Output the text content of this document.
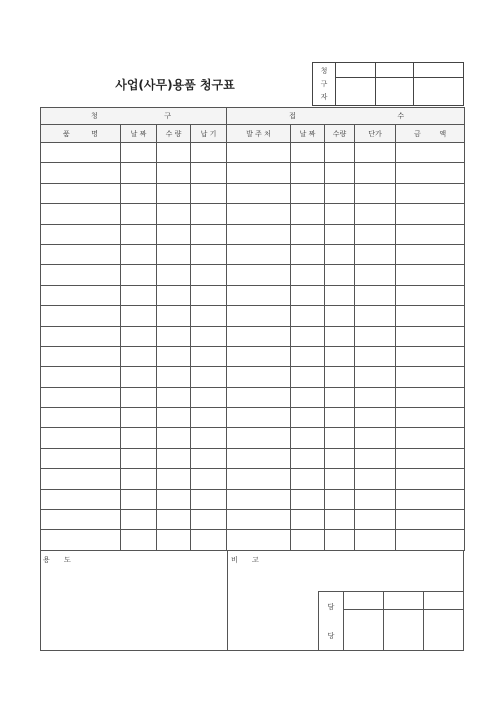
사업(사무)용품 청구표
청
구
자
청 구				접 수				

품 명	날 짜	수 량	납 기	발 주 처	날 짜	수량	단가	금 액

용 도	비 고
담
당
